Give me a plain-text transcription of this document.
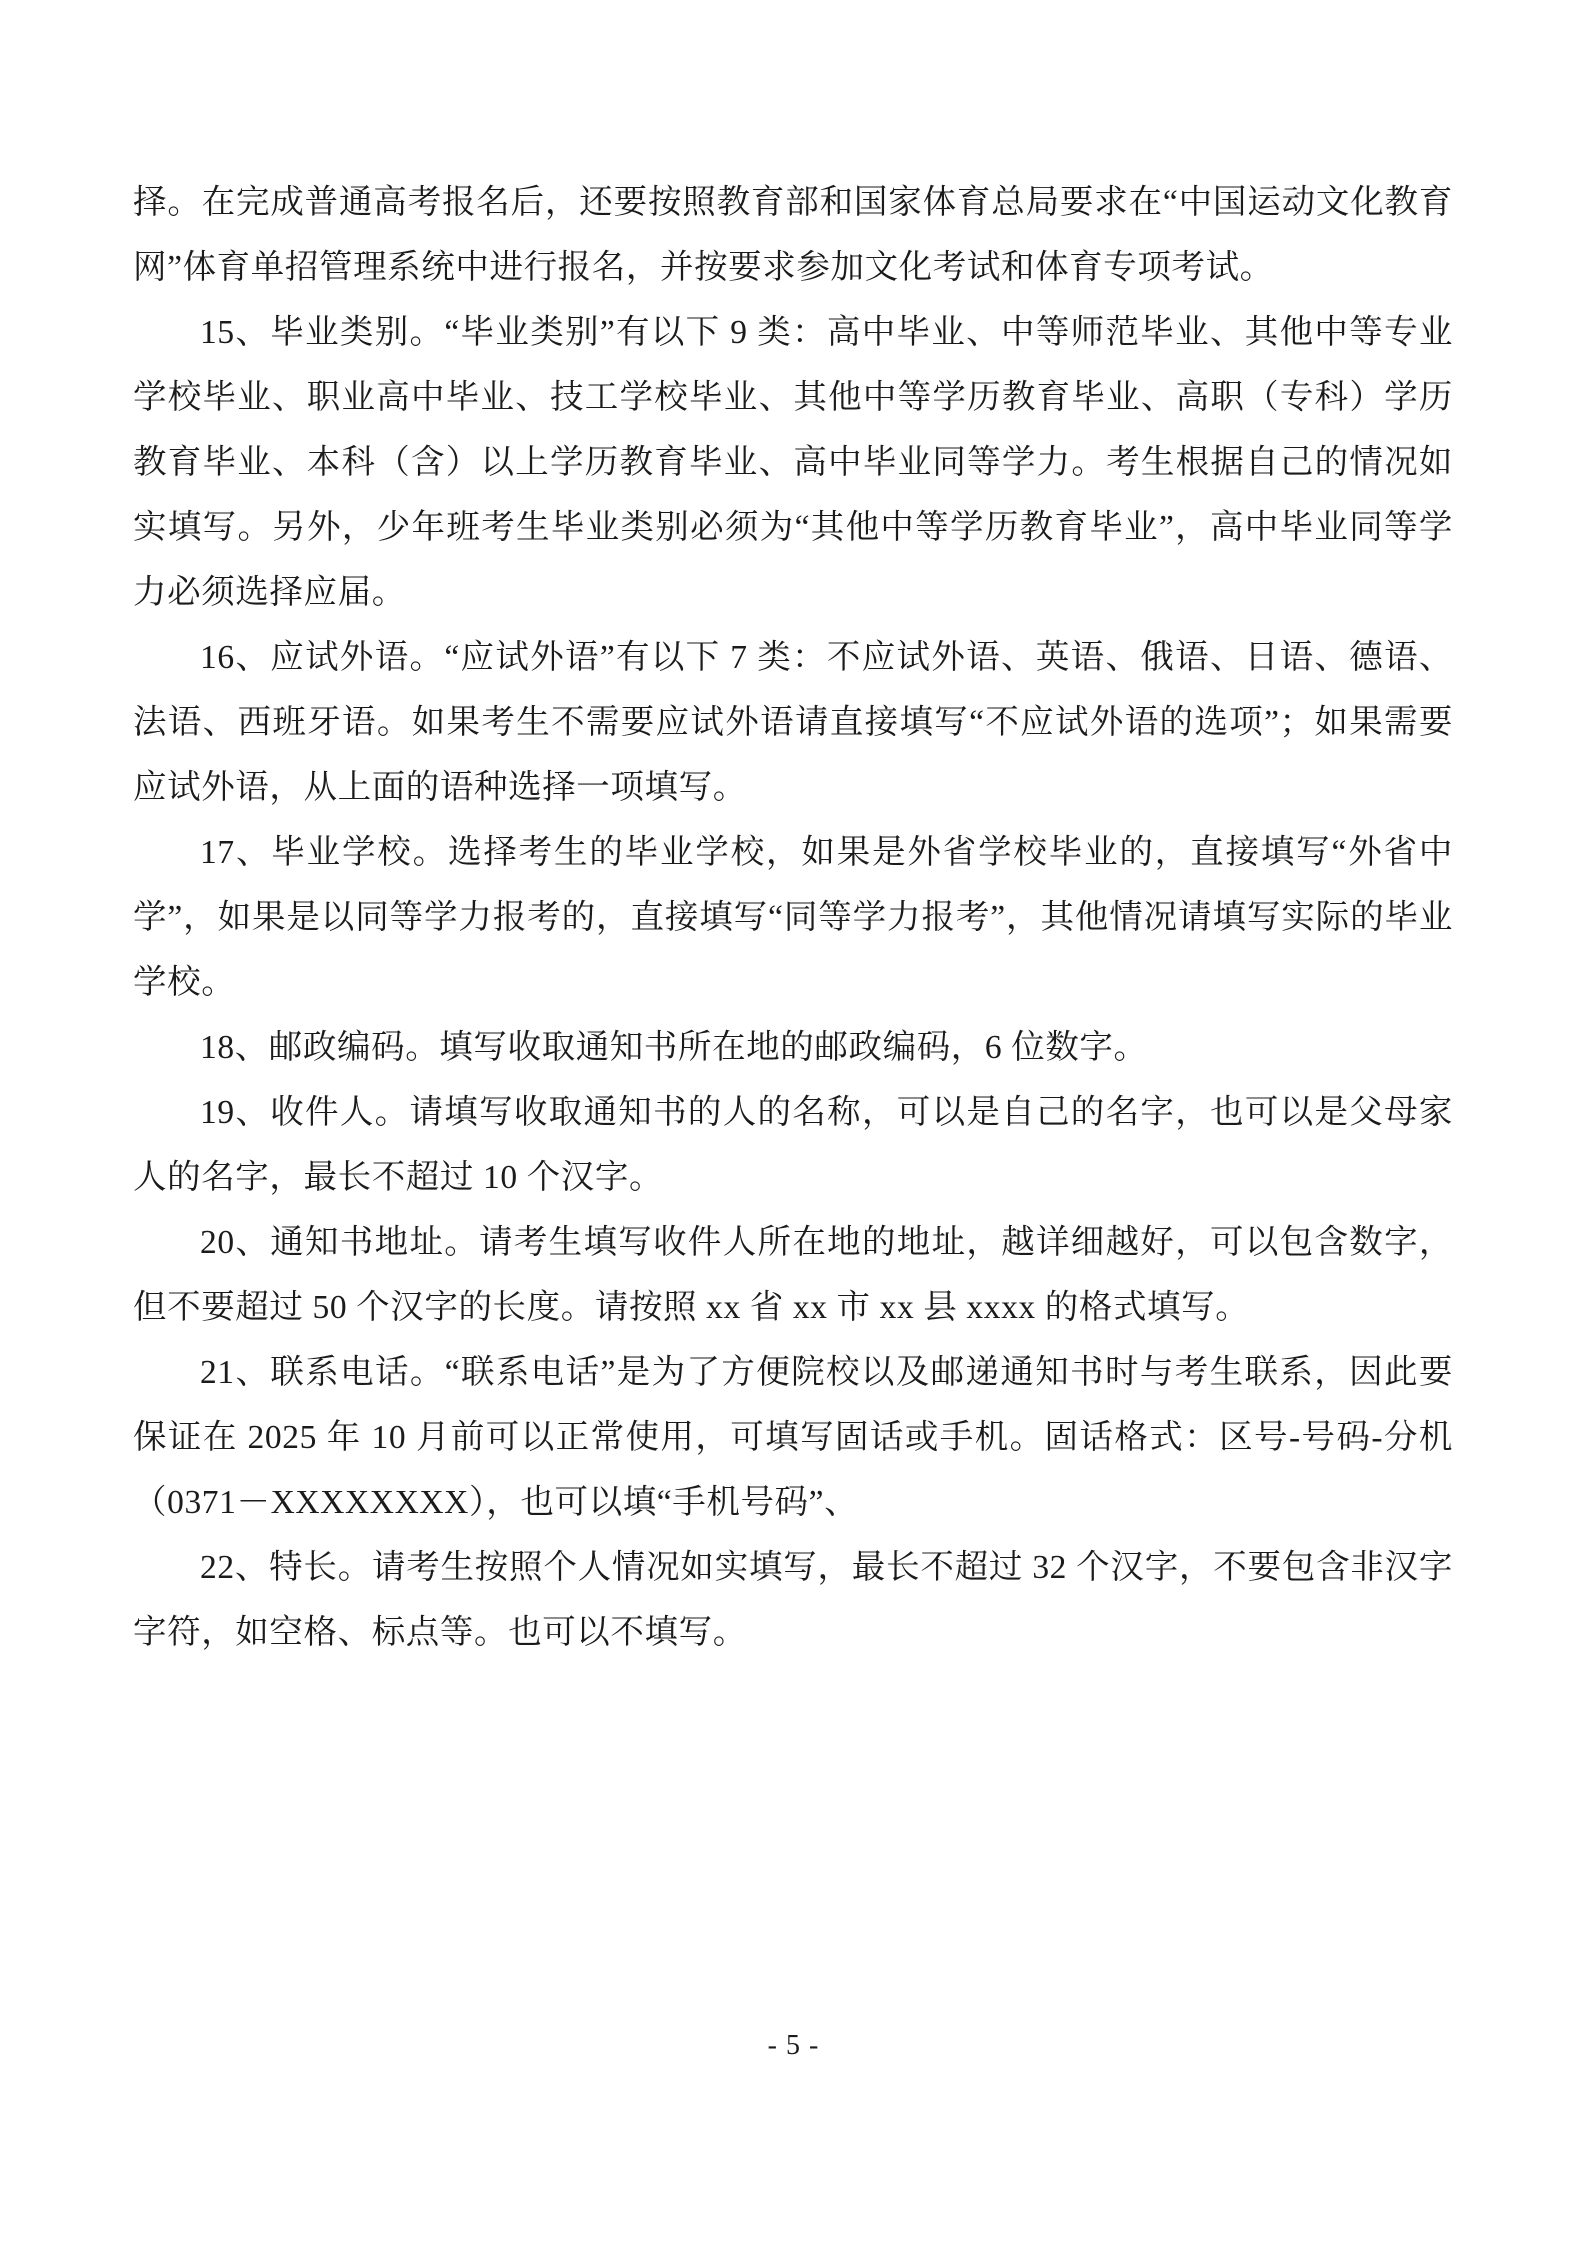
择。在完成普通高考报名后，还要按照教育部和国家体育总局要求在“中国运动文化教育网”体育单招管理系统中进行报名，并按要求参加文化考试和体育专项考试。

15、毕业类别。“毕业类别”有以下 9 类：高中毕业、中等师范毕业、其他中等专业学校毕业、职业高中毕业、技工学校毕业、其他中等学历教育毕业、高职（专科）学历教育毕业、本科（含）以上学历教育毕业、高中毕业同等学力。考生根据自己的情况如实填写。另外，少年班考生毕业类别必须为“其他中等学历教育毕业”，高中毕业同等学力必须选择应届。

16、应试外语。“应试外语”有以下 7 类：不应试外语、英语、俄语、日语、德语、法语、西班牙语。如果考生不需要应试外语请直接填写“不应试外语的选项”；如果需要应试外语，从上面的语种选择一项填写。

17、毕业学校。选择考生的毕业学校，如果是外省学校毕业的，直接填写“外省中学”，如果是以同等学力报考的，直接填写“同等学力报考”，其他情况请填写实际的毕业学校。

18、邮政编码。填写收取通知书所在地的邮政编码，6 位数字。

19、收件人。请填写收取通知书的人的名称，可以是自己的名字，也可以是父母家人的名字，最长不超过 10 个汉字。

20、通知书地址。请考生填写收件人所在地的地址，越详细越好，可以包含数字，但不要超过 50 个汉字的长度。请按照 xx 省 xx 市 xx 县 xxxx 的格式填写。

21、联系电话。“联系电话”是为了方便院校以及邮递通知书时与考生联系，因此要保证在 2025 年 10 月前可以正常使用，可填写固话或手机。固话格式：区号-号码-分机（0371－XXXXXXXX），也可以填“手机号码”、

22、特长。请考生按照个人情况如实填写，最长不超过 32 个汉字，不要包含非汉字字符，如空格、标点等。也可以不填写。

- 5 -
